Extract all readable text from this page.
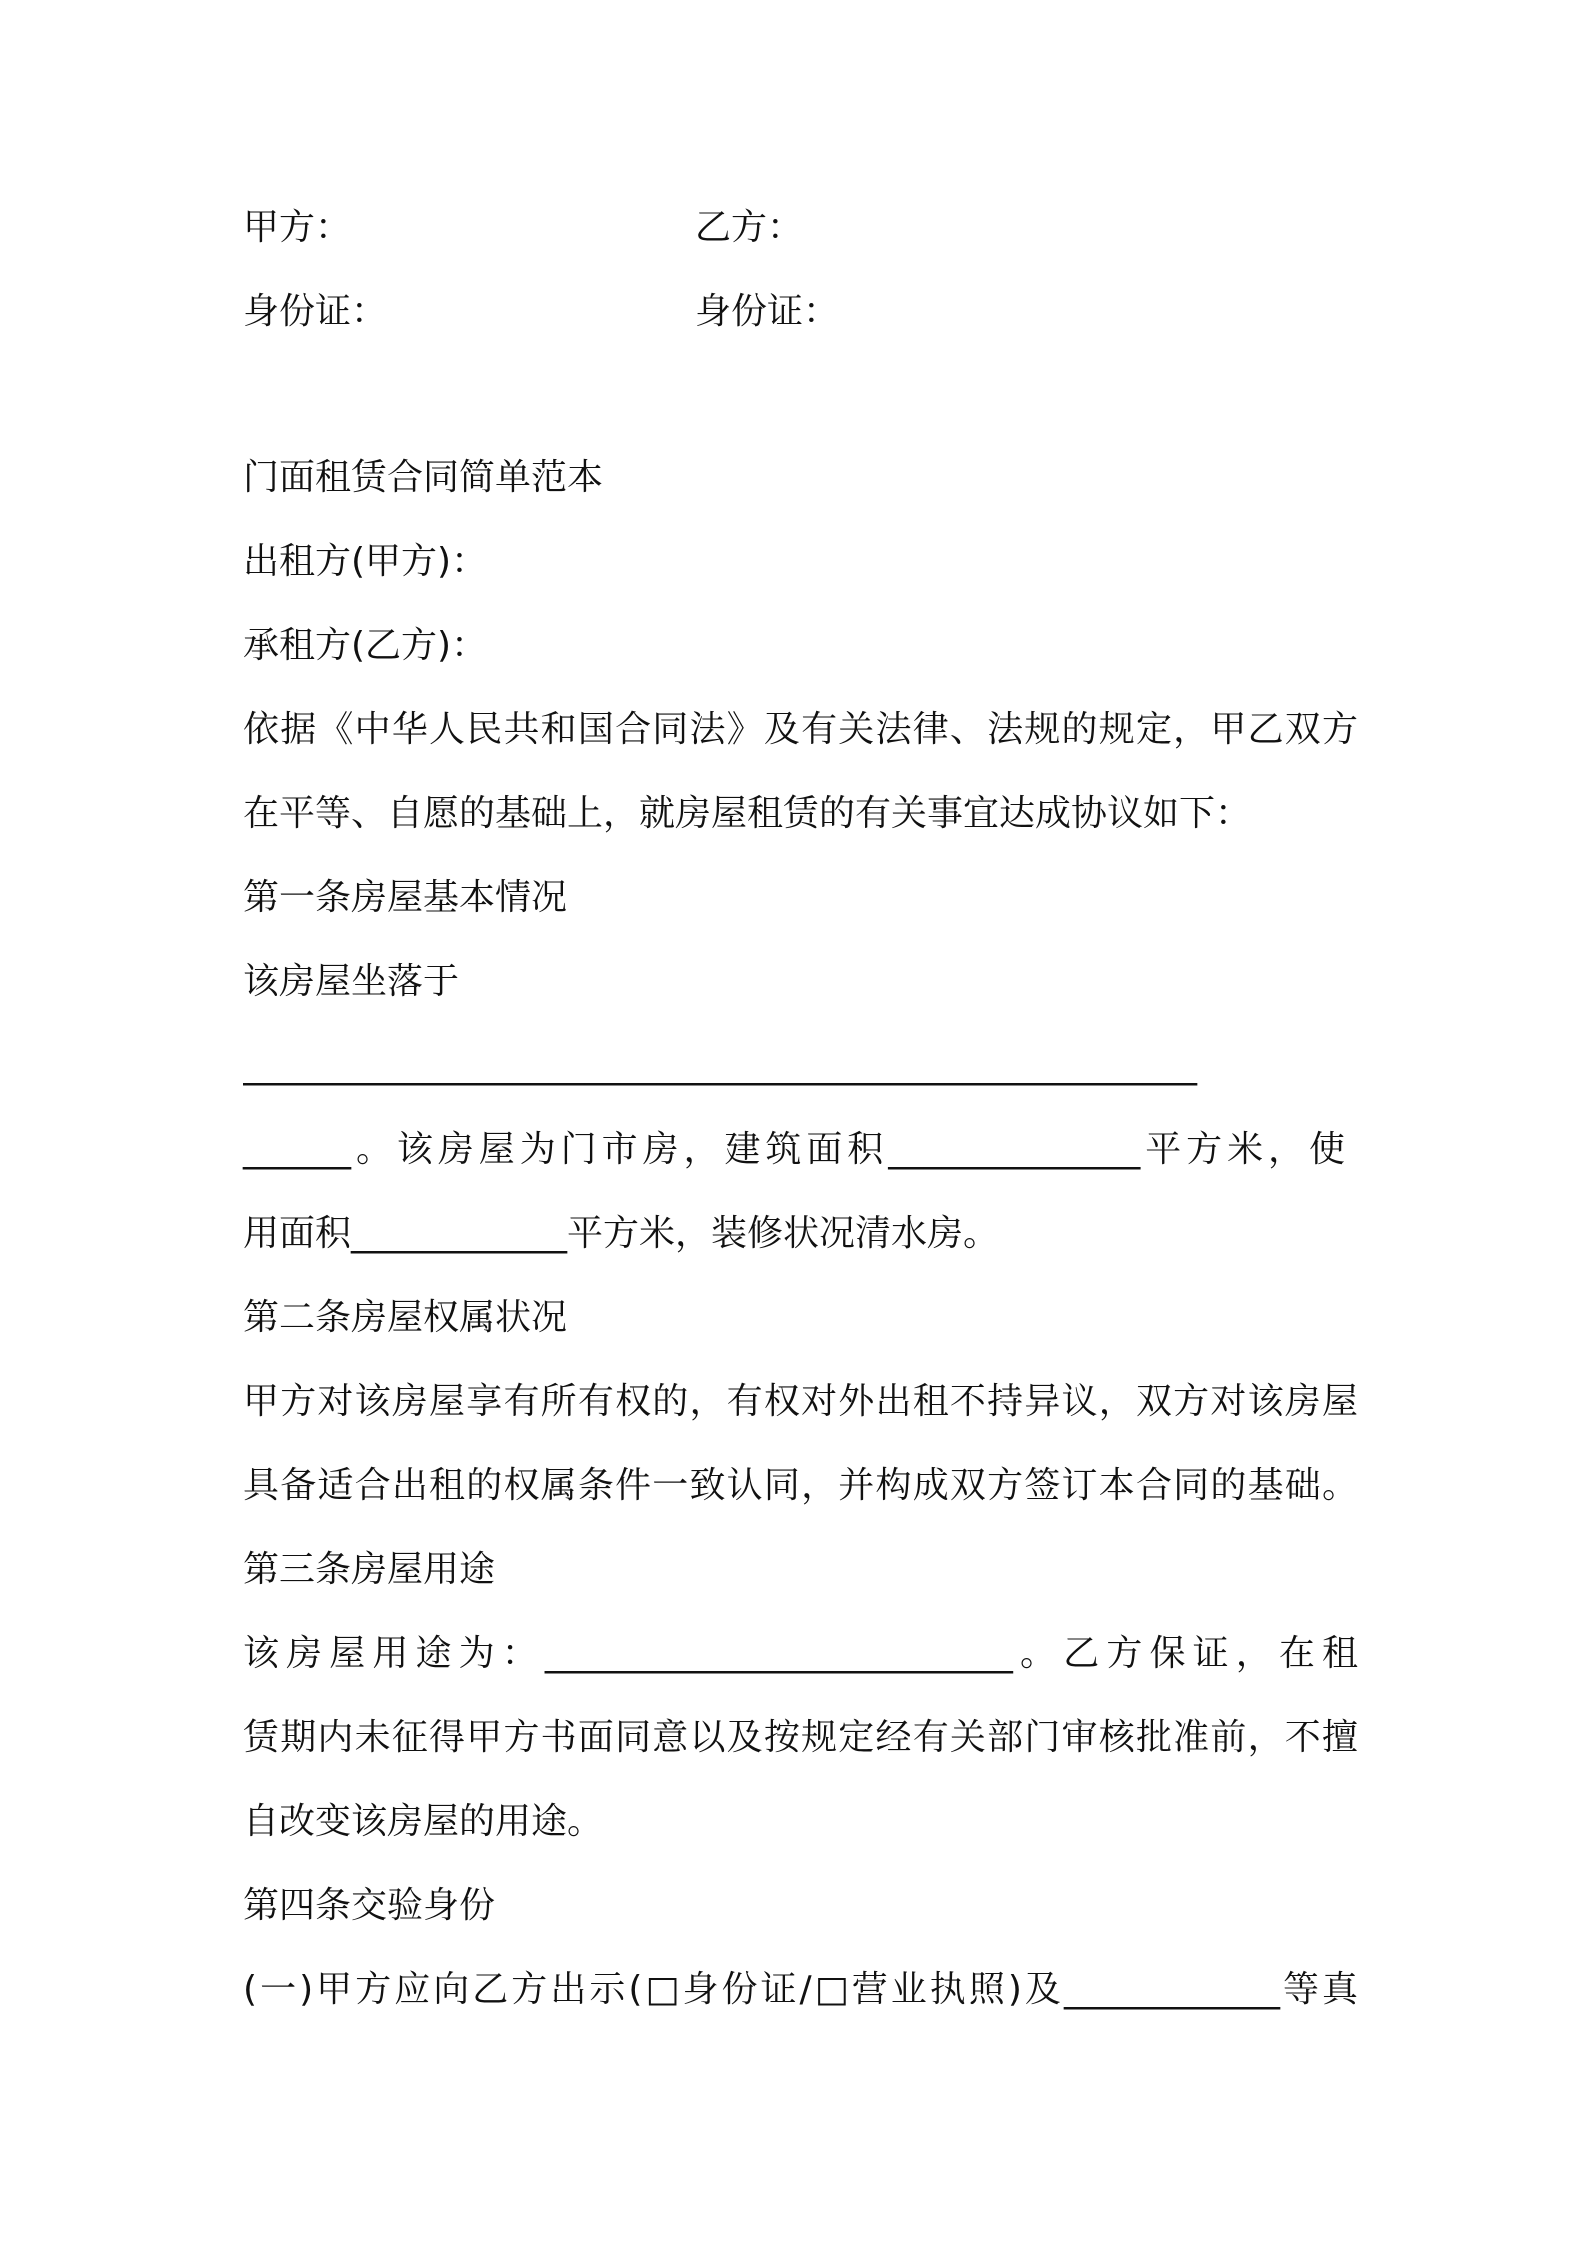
甲方：	乙方：
身份证：	身份证：
门面租赁合同简单范本
出租方(甲方)：
承租方(乙方)：
依据《中华人民共和国合同法》及有关法律、法规的规定，甲乙双方
在平等、自愿的基础上，就房屋租赁的有关事宜达成协议如下：
第一条房屋基本情况
该房屋坐落于
_____________________________________________________
______。该房屋为门市房，建筑面积______________平方米，使
用面积____________平方米，装修状况清水房。
第二条房屋权属状况
甲方对该房屋享有所有权的，有权对外出租不持异议，双方对该房屋
具备适合出租的权属条件一致认同，并构成双方签订本合同的基础。
第三条房屋用途
该房屋用途为：__________________________。乙方保证，在租
赁期内未征得甲方书面同意以及按规定经有关部门审核批准前，不擅
自改变该房屋的用途。
第四条交验身份
(一)甲方应向乙方出示(□身份证/□营业执照)及____________等真
